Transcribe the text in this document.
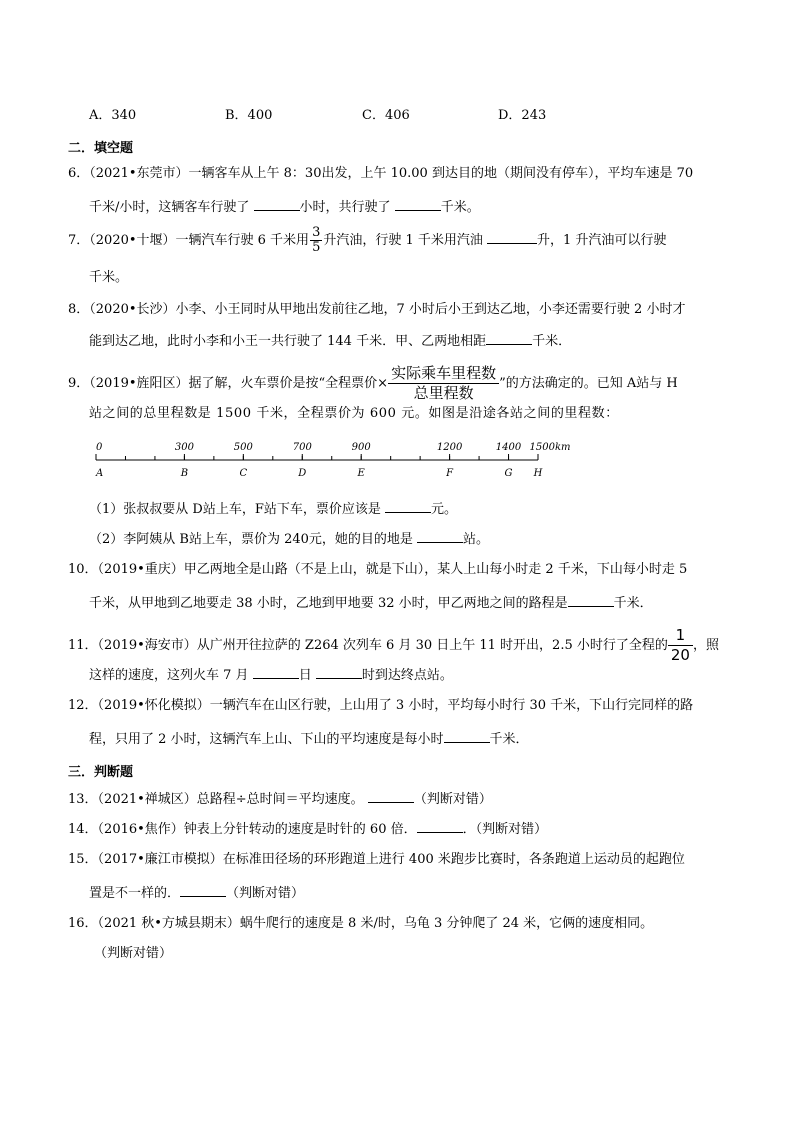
A．340	B．400	C．406	D．243
二．填空题
6．（2021•东莞市）一辆客车从上午 8：30出发，上午 10.00 到达目的地（期间没有停车），平均车速是 70
千米/小时，这辆客车行驶了	小时，共行驶了	千米。
7．（2020•十堰）一辆汽车行驶 6 千米用 $\frac{3}{5}$ 升汽油，行驶 1 千米用汽油	升，1 升汽油可以行驶
千米。
8．（2020•长沙）小李、小王同时从甲地出发前往乙地，7 小时后小王到达乙地，小李还需要行驶 2 小时才
能到达乙地，此时小李和小王一共行驶了 144 千米．甲、乙两地相距	千米．
9．（2019•旌阳区）据了解，火车票价是按“全程票价× $\frac{\text{实际乘车里程数}}{\text{总里程数}}$ ”的方法确定的。已知 A站与 H
站之间的总里程数是 1500 千米，全程票价为 600 元。如图是沿途各站之间的里程数：
0
A
300
B
500
C
700
D
900
E
1200
F
1400
G
1500km
H
（1）张叔叔要从 D站上车，F站下车，票价应该是	元。
（2）李阿姨从 B站上车，票价为 240元，她的目的地是	站。
10．（2019•重庆）甲乙两地全是山路（不是上山，就是下山），某人上山每小时走 2 千米，下山每小时走 5
千米，从甲地到乙地要走 38 小时，乙地到甲地要 32 小时，甲乙两地之间的路程是	千米．
11．（2019•海安市）从广州开往拉萨的 Z264 次列车 6 月 30 日上午 11 时开出，2.5 小时行了全程的 $\frac{1}{20}$ ，照
这样的速度，这列火车 7 月	日	时到达终点站。
12．（2019•怀化模拟）一辆汽车在山区行驶，上山用了 3 小时，平均每小时行 30 千米，下山行完同样的路
程，只用了 2 小时，这辆汽车上山、下山的平均速度是每小时	千米．
三．判断题
13．（2021•禅城区）总路程÷总时间＝平均速度。	（判断对错）
14．（2016•焦作）钟表上分针转动的速度是时针的 60 倍．	．（判断对错）
15．（2017•廉江市模拟）在标准田径场的环形跑道上进行 400 米跑步比赛时，各条跑道上运动员的起跑位
置是不一样的．	（判断对错）
16．（2021 秋•方城县期末）蜗牛爬行的速度是 8 米/时，乌龟 3 分钟爬了 24 米，它俩的速度相同。
（判断对错）
